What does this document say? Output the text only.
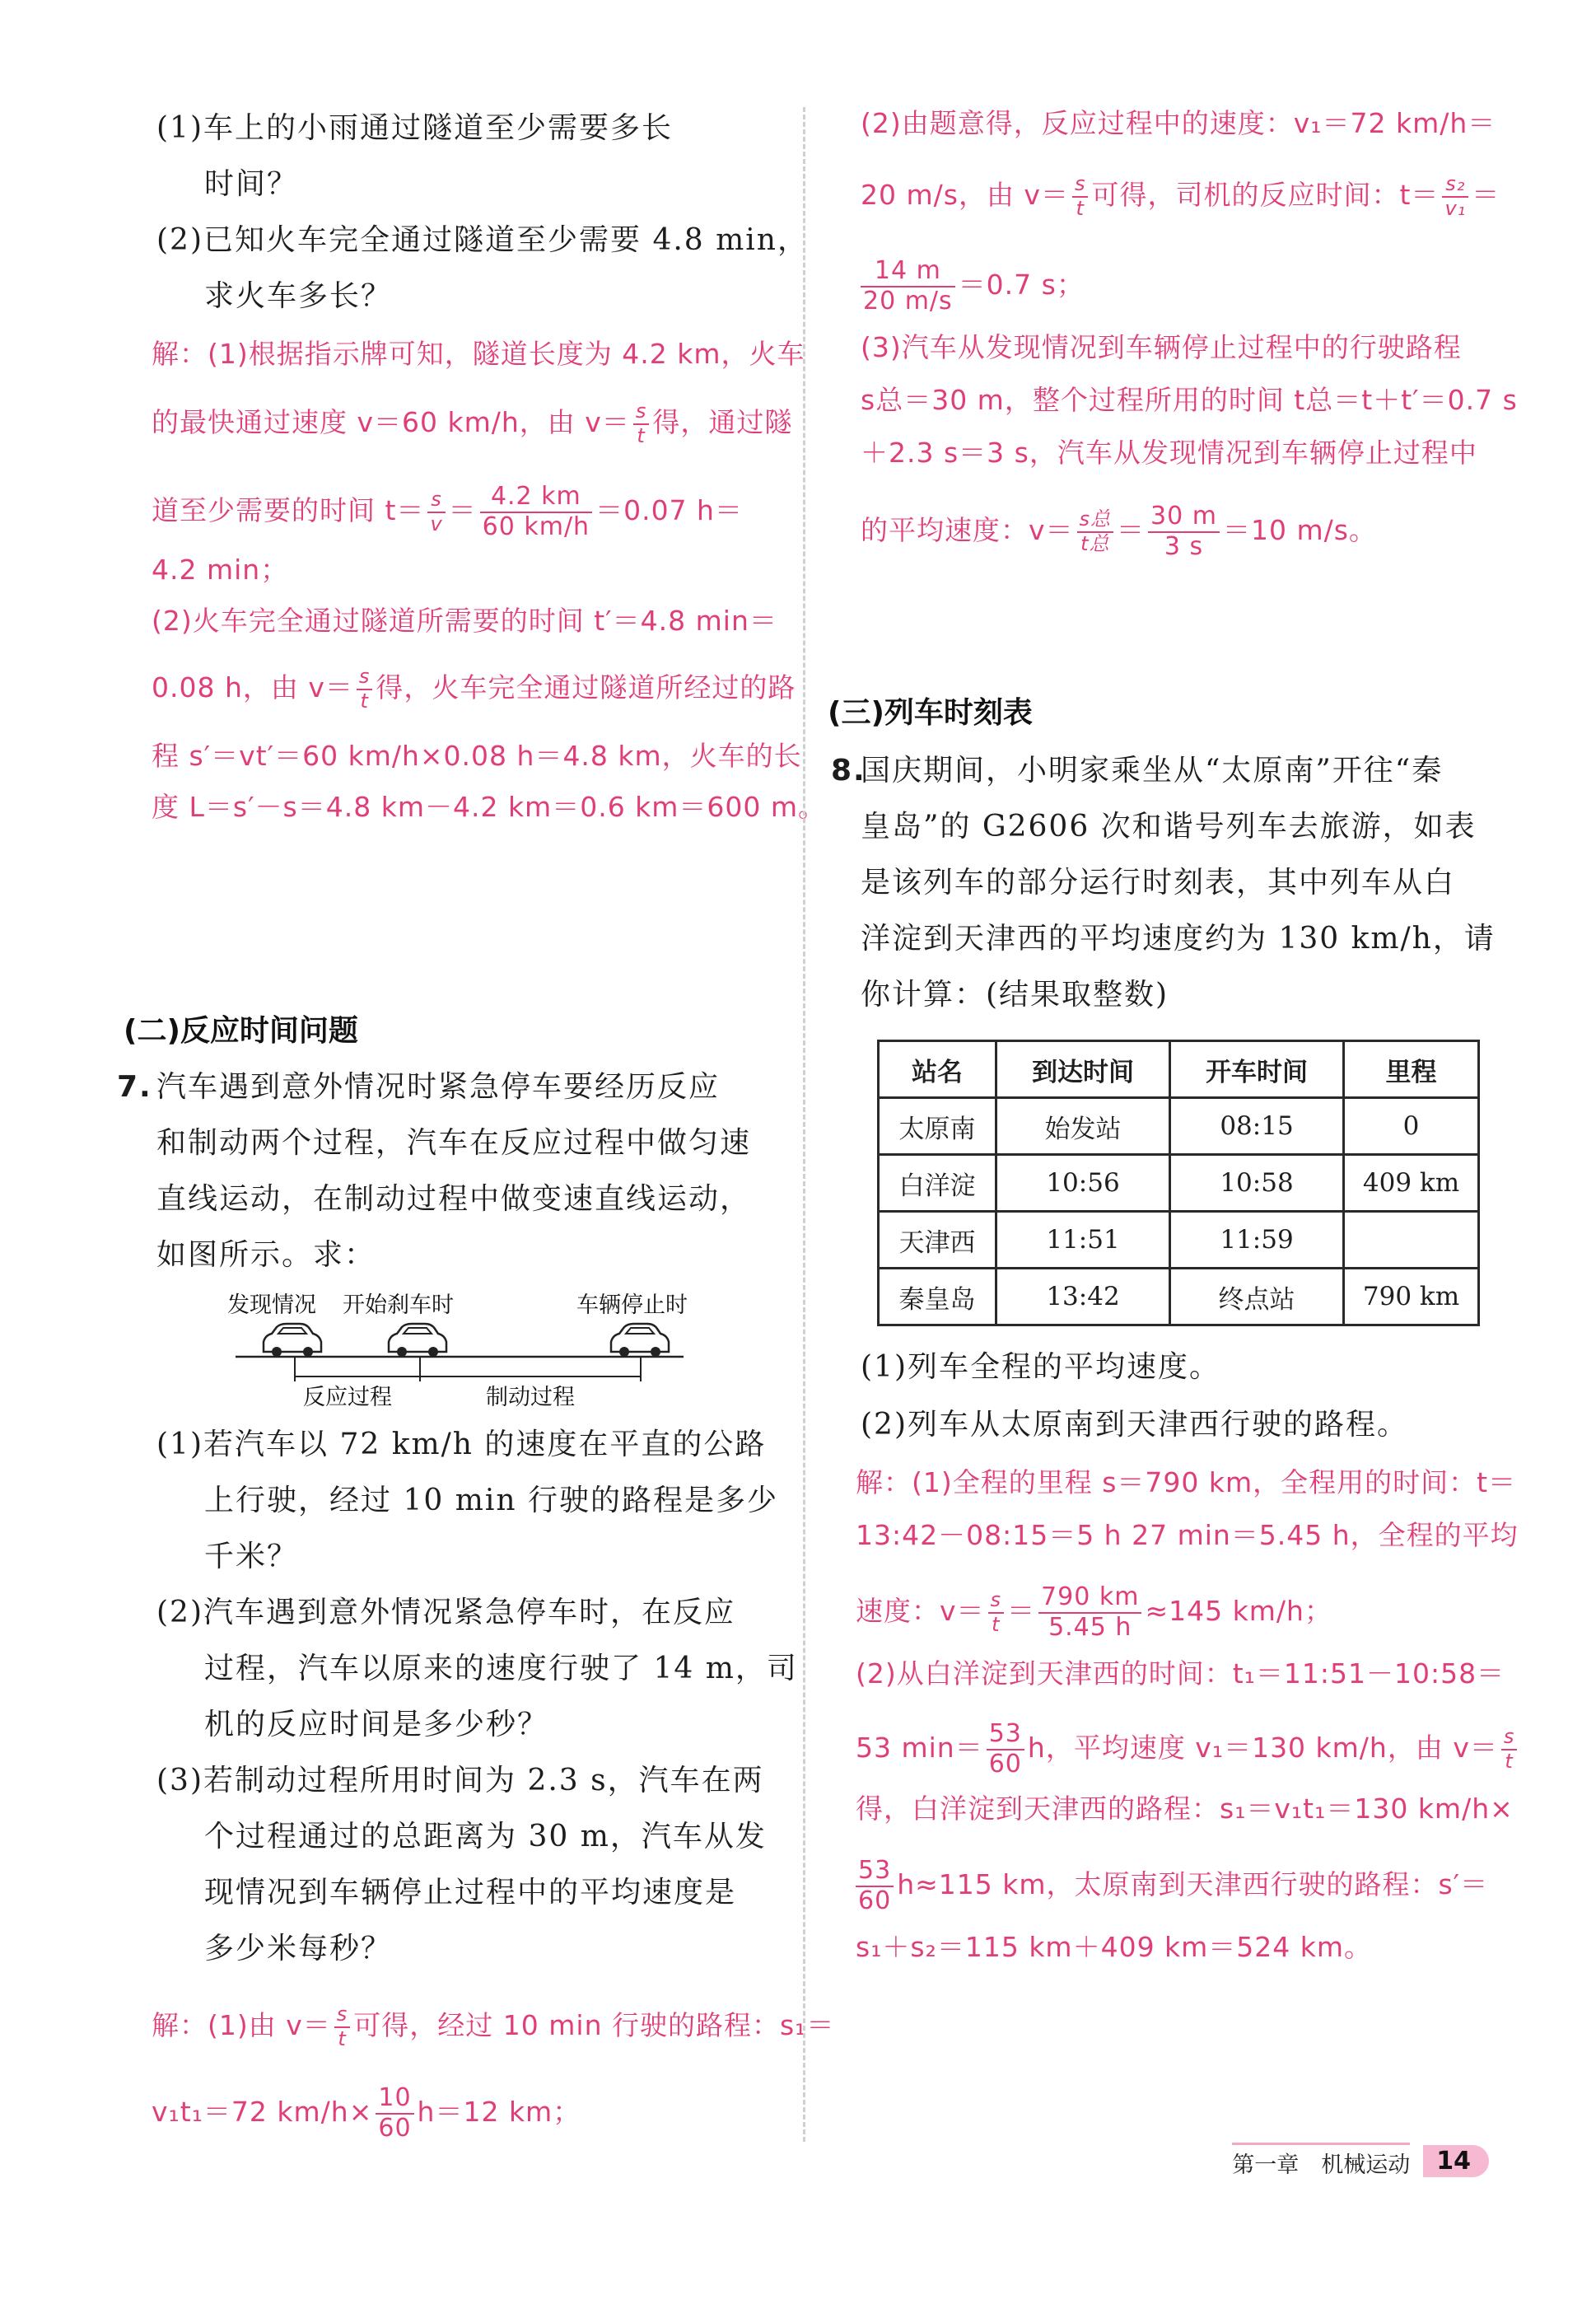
(1)车上的小雨通过隧道至少需要多长
时间？
(2)已知火车完全通过隧道至少需要 4.8 min，
求火车多长？
解：(1)根据指示牌可知，隧道长度为 4.2 km，火车
的最快通过速度 v＝60 km/h，由 $v= \frac{s}{t}$ 得，通过隧
道至少需要的时间 $t= \frac{s}{v} = \frac{4.2 km}{60 km/h} =0.07$ h＝
4.2 min；
(2)火车完全通过隧道所需要的时间 t′＝4.8 min＝
0.08 h，由 $v= \frac{s}{t}$ 得，火车完全通过隧道所经过的路
程 s′＝vt′＝60 km/h×0.08 h＝4.8 km，火车的长
度 L＝s′－s＝4.8 km－4.2 km＝0.6 km＝600 m。
(二)反应时间问题
7. 汽车遇到意外情况时紧急停车要经历反应
和制动两个过程，汽车在反应过程中做匀速
直线运动，在制动过程中做变速直线运动，
如图所示。求：
发现情况 开始刹车时	车辆停止时
反应过程	制动过程
(1)若汽车以 72 km/h 的速度在平直的公路
上行驶，经过 10 min 行驶的路程是多少
千米？
(2)汽车遇到意外情况紧急停车时，在反应
过程，汽车以原来的速度行驶了 14 m，司
机的反应时间是多少秒？
(3)若制动过程所用时间为 2.3 s，汽车在两
个过程通过的总距离为 30 m，汽车从发
现情况到车辆停止过程中的平均速度是
多少米每秒？
解：(1)由 $v= \frac{s}{t}$ 可得，经过 10 min 行驶的路程：s₁＝
v₁t₁＝72 $km/h\times \frac{10}{60} h=12$ km；
(2)由题意得，反应过程中的速度：v₁＝72 km/h＝
20 m/s，由 $v= \frac{s}{t}$ 可得，司机的反应时间：$t= \frac{\text{s₂}}{\text{v₁}}$ ＝
$\frac{14 m}{20 m/s} =0.7$ s；
(3)汽车从发现情况到车辆停止过程中的行驶路程
s总＝30 m，整个过程所用的时间 t总＝t＋t′＝0.7 s
＋2.3 s＝3 s，汽车从发现情况到车辆停止过程中
的平均速度：v＝ s总
t总 ＝ $\frac{30 m}{3 s} =10$ m/s。
(三)列车时刻表
8.
国庆期间，小明家乘坐从“太原南”开往“秦
皇岛”的 G2606 次和谐号列车去旅游，如表
是该列车的部分运行时刻表，其中列车从白
洋淀到天津西的平均速度约为 130 km/h，请
你计算：(结果取整数)
(1)列车全程的平均速度。
(2)列车从太原南到天津西行驶的路程。
解：(1)全程的里程 s＝790 km，全程用的时间：t＝
13:42－08:15＝5 h 27 min＝5.45 h，全程的平均
速度：$v= \frac{s}{t} = \frac{790 km}{5.45 h} \approx 145$ km/h；
(2)从白洋淀到天津西的时间：t₁＝11:51－10:58＝
53 $\min= \frac{53}{60}$ h，平均速度 v₁＝130 km/h，由 $v= \frac{s}{t}$
得，白洋淀到天津西的路程：s₁＝v₁t₁＝130 km/h×
$\frac{53}{60} h\approx 115$ km，太原南到天津西行驶的路程：s′＝
s₁＋s₂＝115 km＋409 km＝524 km。
站名	到达时间	开车时间	里程
太原南	始发站	08:15	0
白洋淀	10:56	10:58	409 km
天津西	11:51	11:59	
秦皇岛	13:42	终点站	790 km
第一章　机械运动	14
